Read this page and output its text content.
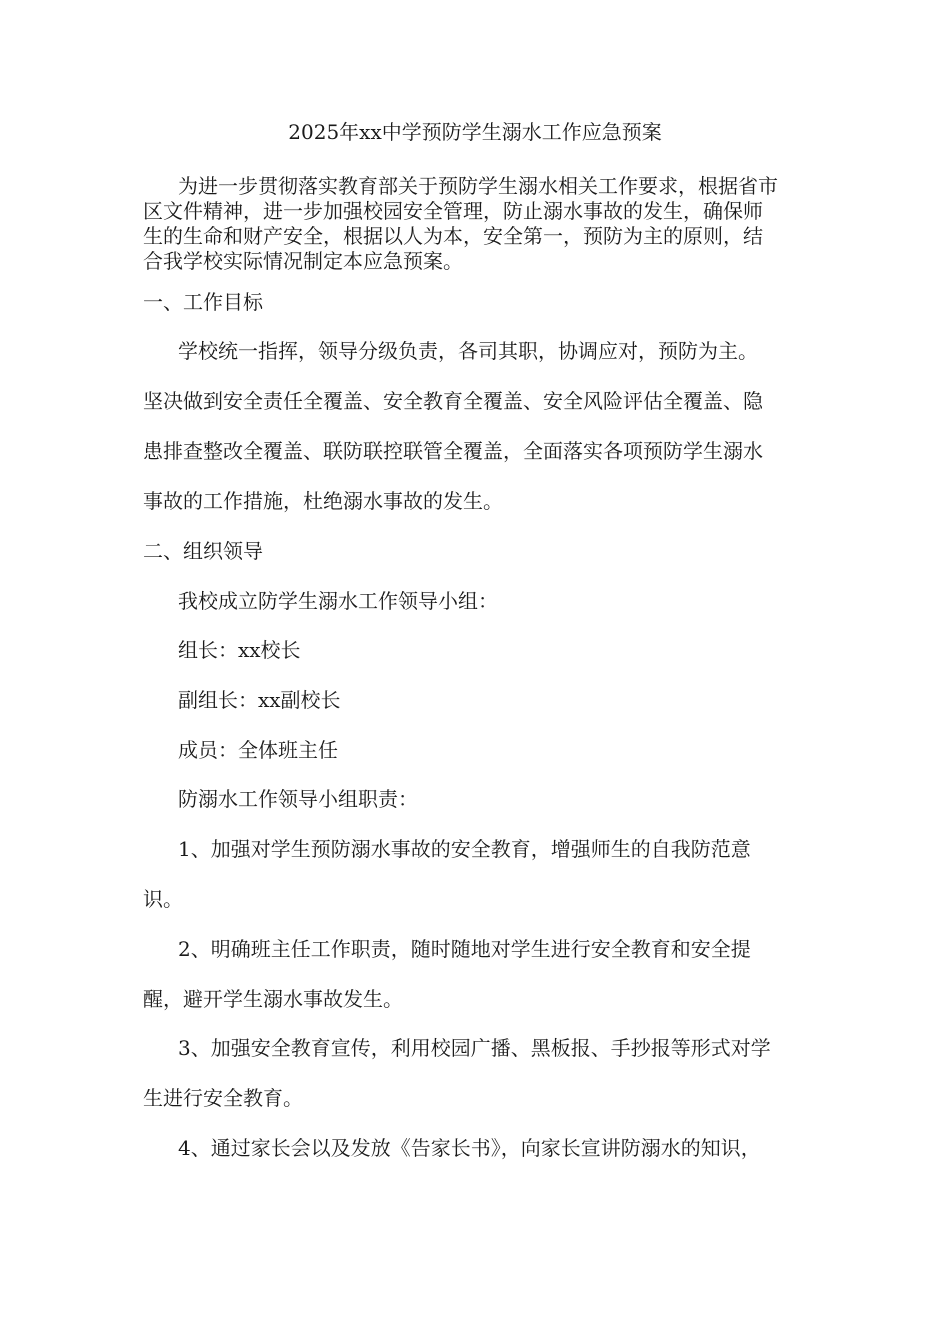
2025年xx中学预防学生溺水工作应急预案
为进一步贯彻落实教育部关于预防学生溺水相关工作要求，根据省市
区文件精神，进一步加强校园安全管理，防止溺水事故的发生，确保师
生的生命和财产安全，根据以人为本，安全第一，预防为主的原则，结
合我学校实际情况制定本应急预案。
一、工作目标
学校统一指挥，领导分级负责，各司其职，协调应对，预防为主。
坚决做到安全责任全覆盖、安全教育全覆盖、安全风险评估全覆盖、隐
患排查整改全覆盖、联防联控联管全覆盖，全面落实各项预防学生溺水
事故的工作措施，杜绝溺水事故的发生。
二、组织领导
我校成立防学生溺水工作领导小组：
组长：xx校长
副组长：xx副校长
成员：全体班主任
防溺水工作领导小组职责：
1、加强对学生预防溺水事故的安全教育，增强师生的自我防范意
识。
2、明确班主任工作职责，随时随地对学生进行安全教育和安全提
醒，避开学生溺水事故发生。
3、加强安全教育宣传，利用校园广播、黑板报、手抄报等形式对学
生进行安全教育。
4、通过家长会以及发放《告家长书》，向家长宣讲防溺水的知识，
